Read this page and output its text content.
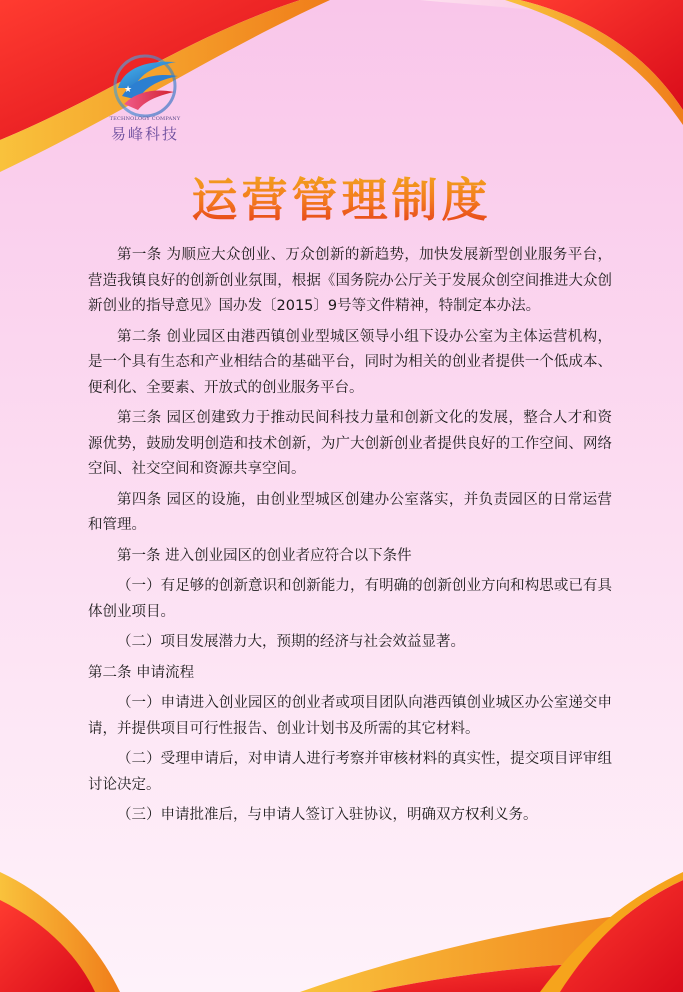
★
TECHNOLOGY COMPANY
易峰科技
运营管理制度

第一条 为顺应大众创业、万众创新的新趋势，加快发展新型创业服务平台，营造我镇良好的创新创业氛围，根据《国务院办公厅关于发展众创空间推进大众创新创业的指导意见》国办发〔2015〕9号等文件精神，特制定本办法。

第二条 创业园区由港西镇创业型城区领导小组下设办公室为主体运营机构，是一个具有生态和产业相结合的基础平台，同时为相关的创业者提供一个低成本、便利化、全要素、开放式的创业服务平台。

第三条 园区创建致力于推动民间科技力量和创新文化的发展，整合人才和资源优势，鼓励发明创造和技术创新，为广大创新创业者提供良好的工作空间、网络空间、社交空间和资源共享空间。

第四条 园区的设施，由创业型城区创建办公室落实，并负责园区的日常运营和管理。

第一条 进入创业园区的创业者应符合以下条件

（一）有足够的创新意识和创新能力，有明确的创新创业方向和构思或已有具体创业项目。

（二）项目发展潜力大，预期的经济与社会效益显著。

第二条 申请流程

（一）申请进入创业园区的创业者或项目团队向港西镇创业城区办公室递交申请，并提供项目可行性报告、创业计划书及所需的其它材料。

（二）受理申请后，对申请人进行考察并审核材料的真实性，提交项目评审组讨论决定。

（三）申请批准后，与申请人签订入驻协议，明确双方权利义务。
